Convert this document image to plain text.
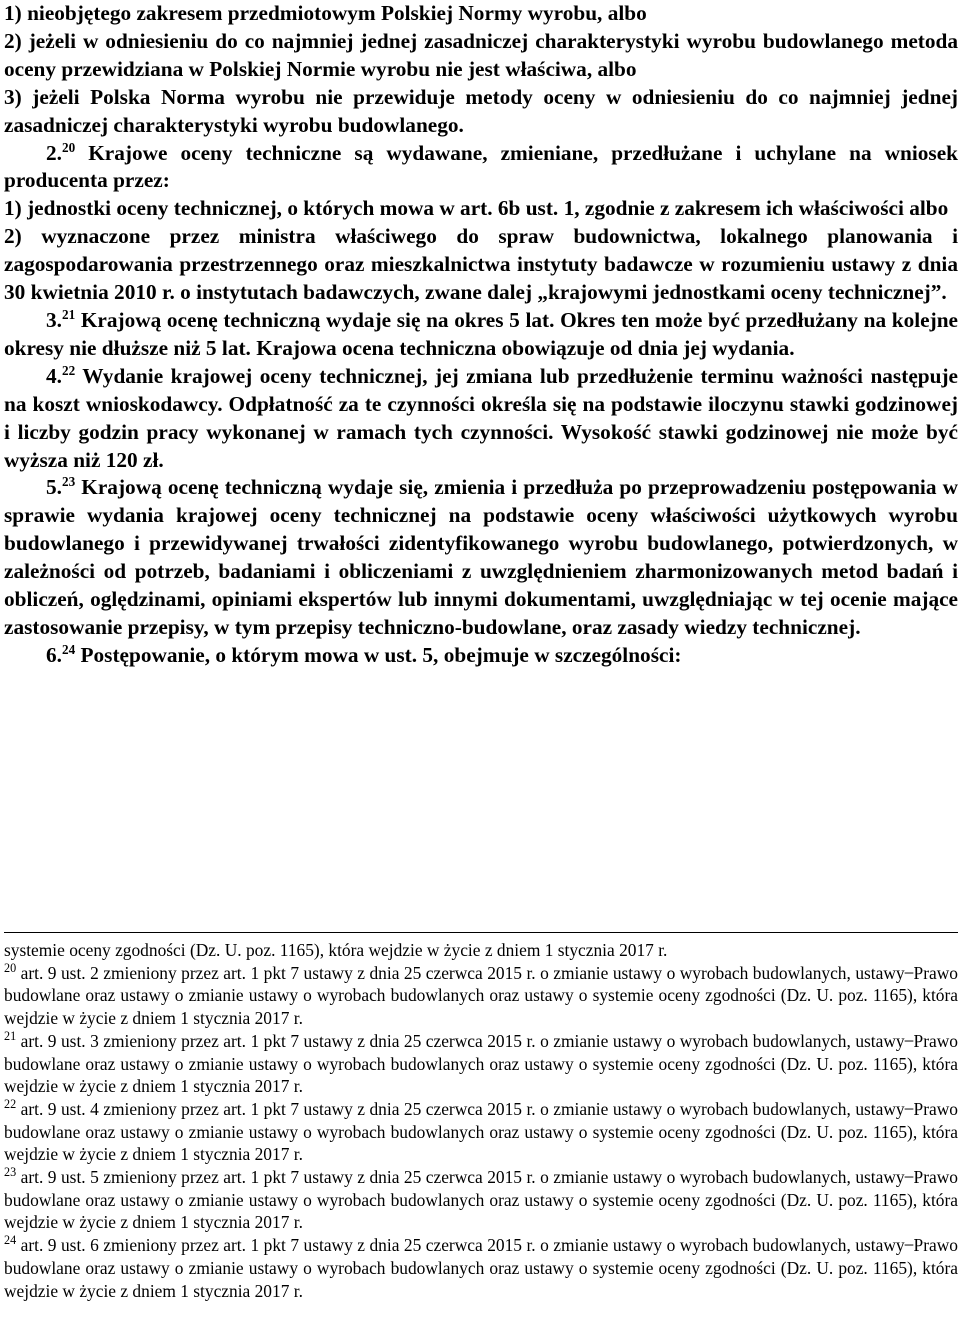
1) nieobjętego zakresem przedmiotowym Polskiej Normy wyrobu, albo

2) jeżeli w odniesieniu do co najmniej jednej zasadniczej charakterystyki wyrobu budowlanego metoda oceny przewidziana w Polskiej Normie wyrobu nie jest właściwa, albo

3) jeżeli Polska Norma wyrobu nie przewiduje metody oceny w odniesieniu do co najmniej jednej zasadniczej charakterystyki wyrobu budowlanego.

2.20 Krajowe oceny techniczne są wydawane, zmieniane, przedłużane i uchylane na wniosek producenta przez:

1) jednostki oceny technicznej, o których mowa w art. 6b ust. 1, zgodnie z zakresem ich właściwości albo

2) wyznaczone przez ministra właściwego do spraw budownictwa, lokalnego planowania i zagospodarowania przestrzennego oraz mieszkalnictwa instytuty badawcze w rozumieniu ustawy z dnia 30 kwietnia 2010 r. o instytutach badawczych, zwane dalej „krajowymi jednostkami oceny technicznej”.

3.21 Krajową ocenę techniczną wydaje się na okres 5 lat. Okres ten może być przedłużany na kolejne okresy nie dłuższe niż 5 lat. Krajowa ocena techniczna obowiązuje od dnia jej wydania.

4.22 Wydanie krajowej oceny technicznej, jej zmiana lub przedłużenie terminu ważności następuje na koszt wnioskodawcy. Odpłatność za te czynności określa się na podstawie iloczynu stawki godzinowej i liczby godzin pracy wykonanej w ramach tych czynności. Wysokość stawki godzinowej nie może być wyższa niż 120 zł.

5.23 Krajową ocenę techniczną wydaje się, zmienia i przedłuża po przeprowadzeniu postępowania w sprawie wydania krajowej oceny technicznej na podstawie oceny właściwości użytkowych wyrobu budowlanego i przewidywanej trwałości zidentyfikowanego wyrobu budowlanego, potwierdzonych, w zależności od potrzeb, badaniami i obliczeniami z uwzględnieniem zharmonizowanych metod badań i obliczeń, oględzinami, opiniami ekspertów lub innymi dokumentami, uwzględniając w tej ocenie mające zastosowanie przepisy, w tym przepisy techniczno-budowlane, oraz zasady wiedzy technicznej.

6.24 Postępowanie, o którym mowa w ust. 5, obejmuje w szczególności:

systemie oceny zgodności (Dz. U. poz. 1165), która wejdzie w życie z dniem 1 stycznia 2017 r.

$^{20}$ art. 9 ust. 2 zmieniony przez art. 1 pkt 7 ustawy z dnia 25 czerwca 2015 r. o zmianie ustawy o wyrobach budowlanych, ustawy ̶ Prawo budowlane oraz ustawy o zmianie ustawy o wyrobach budowlanych oraz ustawy o systemie oceny zgodności (Dz. U. poz. 1165), która wejdzie w życie z dniem 1 stycznia 2017 r.

$^{21}$ art. 9 ust. 3 zmieniony przez art. 1 pkt 7 ustawy z dnia 25 czerwca 2015 r. o zmianie ustawy o wyrobach budowlanych, ustawy ̶ Prawo budowlane oraz ustawy o zmianie ustawy o wyrobach budowlanych oraz ustawy o systemie oceny zgodności (Dz. U. poz. 1165), która wejdzie w życie z dniem 1 stycznia 2017 r.

$^{22}$ art. 9 ust. 4 zmieniony przez art. 1 pkt 7 ustawy z dnia 25 czerwca 2015 r. o zmianie ustawy o wyrobach budowlanych, ustawy ̶ Prawo budowlane oraz ustawy o zmianie ustawy o wyrobach budowlanych oraz ustawy o systemie oceny zgodności (Dz. U. poz. 1165), która wejdzie w życie z dniem 1 stycznia 2017 r.

$^{23}$ art. 9 ust. 5 zmieniony przez art. 1 pkt 7 ustawy z dnia 25 czerwca 2015 r. o zmianie ustawy o wyrobach budowlanych, ustawy ̶ Prawo budowlane oraz ustawy o zmianie ustawy o wyrobach budowlanych oraz ustawy o systemie oceny zgodności (Dz. U. poz. 1165), która wejdzie w życie z dniem 1 stycznia 2017 r.

$^{24}$ art. 9 ust. 6 zmieniony przez art. 1 pkt 7 ustawy z dnia 25 czerwca 2015 r. o zmianie ustawy o wyrobach budowlanych, ustawy ̶ Prawo budowlane oraz ustawy o zmianie ustawy o wyrobach budowlanych oraz ustawy o systemie oceny zgodności (Dz. U. poz. 1165), która wejdzie w życie z dniem 1 stycznia 2017 r.
